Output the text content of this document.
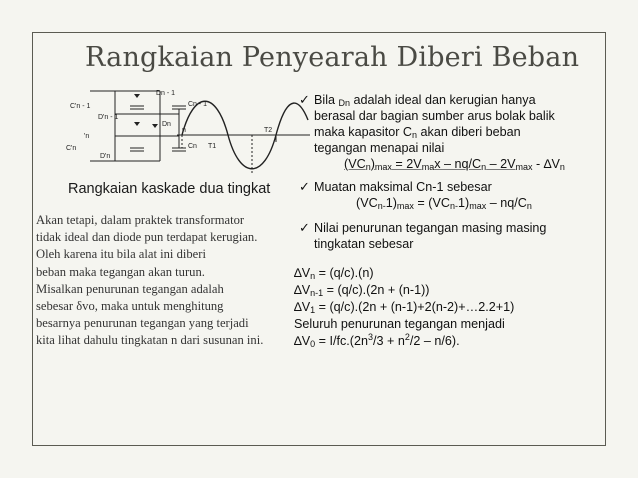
Rangkaian Penyearah Diberi Beban
C'n - 1	Cn - 1
D'n - 1
Dn
n
'n
C'n	Cn
D'n
Dn - 1
T1
T2
Rangkaian kaskade dua tingkat
Akan tetapi, dalam praktek transformator
tidak ideal dan diode pun terdapat kerugian.
Oleh karena itu bila alat ini diberi
beban maka tegangan akan turun.
Misalkan penurunan tegangan adalah
sebesar δvo, maka untuk menghitung
besarnya penurunan tegangan yang terjadi
kita lihat dahulu tingkatan n dari susunan ini.
✓ Bila $_{Dn}$ adalah ideal dan kerugian hanya
berasal dar bagian sumber arus bolak balik
maka kapasitor $C_n$ akan diberi beban
tegangan menapai nilai
$(VC_n)_{max} = 2V_{ma}x - nq/C_n - 2V_{max} - \Delta V_n$
✓ Muatan maksimal Cn-1 sebesar
$(VC_{n-}1)_{max} = (VC_{n-}1)_{max} - nq/C_n$
✓ Nilai penurunan tegangan masing masing
tingkatan sebesar
$\Delta V_n = (q/c).(n)$
$\Delta V_{n-1} = (q/c).(2n + (n-1))$
$\Delta V_1 = (q/c).(2n$ + (n-1)+2(n-2)+…2.2+1)
Seluruh penurunan tegangan menjadi
$\Delta V_0 = I/fc.(2n^3/3 + n^2/2 - n/6)$.
